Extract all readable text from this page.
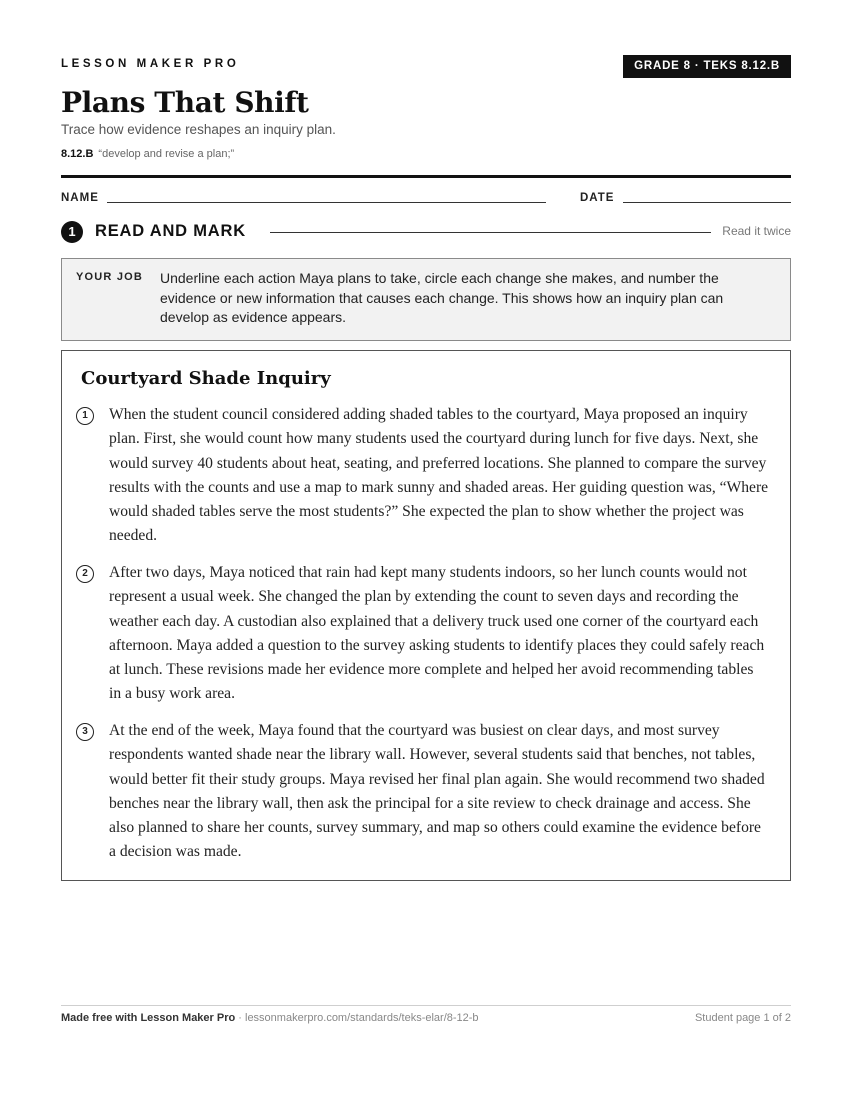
LESSON MAKER PRO	GRADE 8 · TEKS 8.12.B
Plans That Shift
Trace how evidence reshapes an inquiry plan.
8.12.B “develop and revise a plan;”
NAME	DATE
1	READ AND MARK	Read it twice
YOUR JOB Underline each action Maya plans to take, circle each change she makes, and number the evidence or new information that causes each change. This shows how an inquiry plan can develop as evidence appears.
Courtyard Shade Inquiry
1	When the student council considered adding shaded tables to the courtyard, Maya proposed an inquiry plan. First, she would count how many students used the courtyard during lunch for five days. Next, she would survey 40 students about heat, seating, and preferred locations. She planned to compare the survey results with the counts and use a map to mark sunny and shaded areas. Her guiding question was, “Where would shaded tables serve the most students?” She expected the plan to show whether the project was needed.

2	After two days, Maya noticed that rain had kept many students indoors, so her lunch counts would not represent a usual week. She changed the plan by extending the count to seven days and recording the weather each day. A custodian also explained that a delivery truck used one corner of the courtyard each afternoon. Maya added a question to the survey asking students to identify places they could safely reach at lunch. These revisions made her evidence more complete and helped her avoid recommending tables in a busy work area.

3	At the end of the week, Maya found that the courtyard was busiest on clear days, and most survey respondents wanted shade near the library wall. However, several students said that benches, not tables, would better fit their study groups. Maya revised her final plan again. She would recommend two shaded benches near the library wall, then ask the principal for a site review to check drainage and access. She also planned to share her counts, survey summary, and map so others could examine the evidence before a decision was made.

Made free with Lesson Maker Pro · lessonmakerpro.com/standards/teks-elar/8-12-b	Student page 1 of 2
